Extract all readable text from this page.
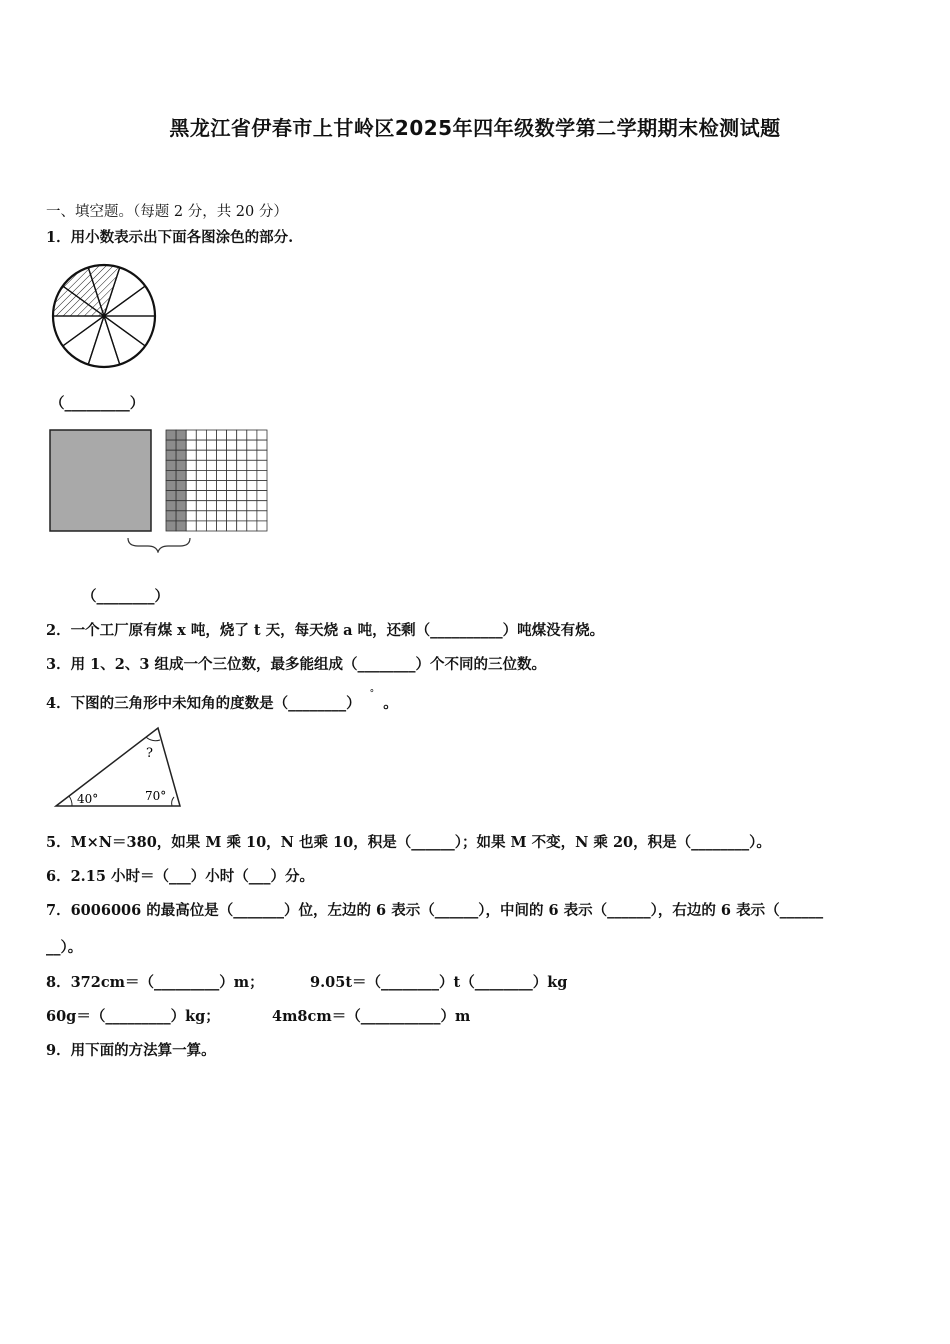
黑龙江省伊春市上甘岭区2025年四年级数学第二学期期末检测试题
一、填空题。（每题 2 分，共 20 分）
1．用小数表示出下面各图涂色的部分.
（_________）
（________）
2．一个工厂原有煤 x 吨，烧了 t 天，每天烧 a 吨，还剩（__________）吨煤没有烧。
3．用 1、2、3 组成一个三位数，最多能组成（________）个不同的三位数。
4．下图的三角形中未知角的度数是（________） ° 。
?
40°	70°
5．M×N＝380，如果 M 乘 10，N 也乘 10，积是（______）；如果 M 不变，N 乘 20，积是（________）。
6．2.15 小时＝（___）小时（___）分。
7．6006006 的最高位是（_______）位，左边的 6 表示（______），中间的 6 表示（______），右边的 6 表示（______
__）。
8．372cm＝（_________）m；	9.05t＝（________）t（________）kg
60g＝（_________）kg；	4m8cm＝（___________）m
9．用下面的方法算一算。
